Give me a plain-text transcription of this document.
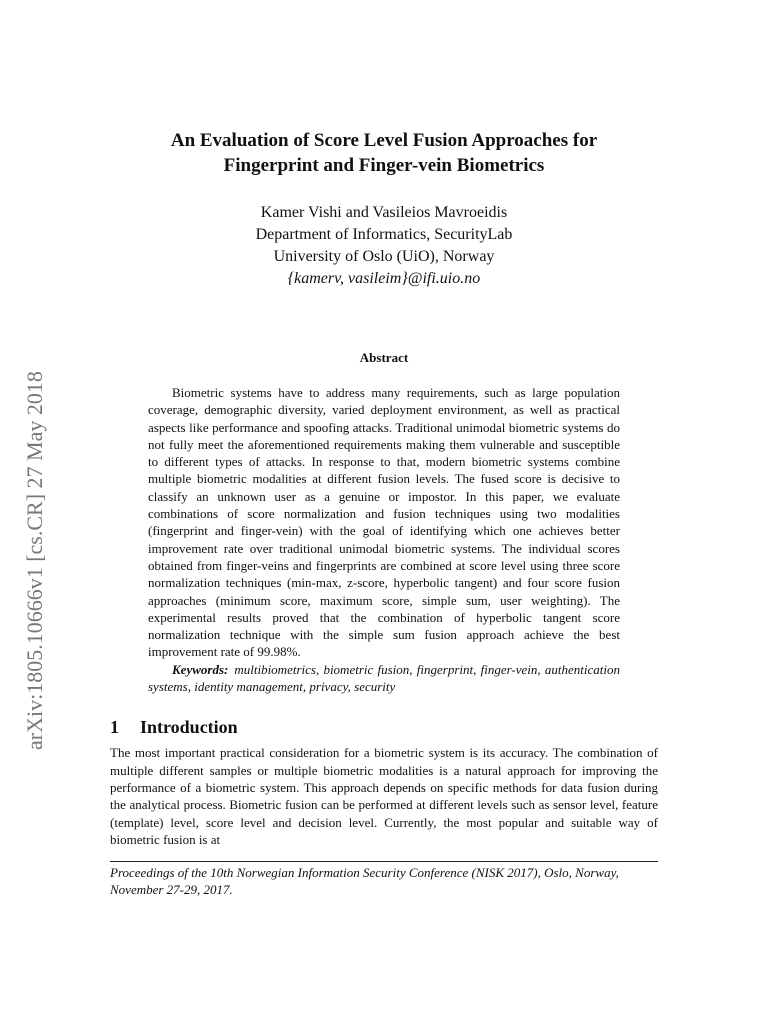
arXiv:1805.10666v1 [cs.CR] 27 May 2018
An Evaluation of Score Level Fusion Approaches for
Fingerprint and Finger-vein Biometrics
Kamer Vishi and Vasileios Mavroeidis
Department of Informatics, SecurityLab
University of Oslo (UiO), Norway
{kamerv, vasileim}@ifi.uio.no
Abstract

Biometric systems have to address many requirements, such as large population coverage, demographic diversity, varied deployment environment, as well as practical aspects like performance and spoofing attacks. Traditional unimodal biometric systems do not fully meet the aforementioned requirements making them vulnerable and susceptible to different types of attacks. In response to that, modern biometric systems combine multiple biometric modalities at different fusion levels. The fused score is decisive to classify an unknown user as a genuine or impostor. In this paper, we evaluate combinations of score normalization and fusion techniques using two modalities (fingerprint and finger-vein) with the goal of identifying which one achieves better improvement rate over traditional unimodal biometric systems. The individual scores obtained from finger-veins and fingerprints are combined at score level using three score normalization techniques (min-max, z-score, hyperbolic tangent) and four score fusion approaches (minimum score, maximum score, simple sum, user weighting). The experimental results proved that the combination of hyperbolic tangent score normalization technique with the simple sum fusion approach achieve the best improvement rate of 99.98%.

Keywords: multibiometrics, biometric fusion, fingerprint, finger-vein, authentication systems, identity management, privacy, security

1 Introduction

The most important practical consideration for a biometric system is its accuracy. The combination of multiple different samples or multiple biometric modalities is a natural approach for improving the performance of a biometric system. This approach depends on specific methods for data fusion during the analytical process. Biometric fusion can be performed at different levels such as sensor level, feature (template) level, score level and decision level. Currently, the most popular and suitable way of biometric fusion is at

Proceedings of the 10th Norwegian Information Security Conference (NISK 2017), Oslo, Norway, November 27-29, 2017.
